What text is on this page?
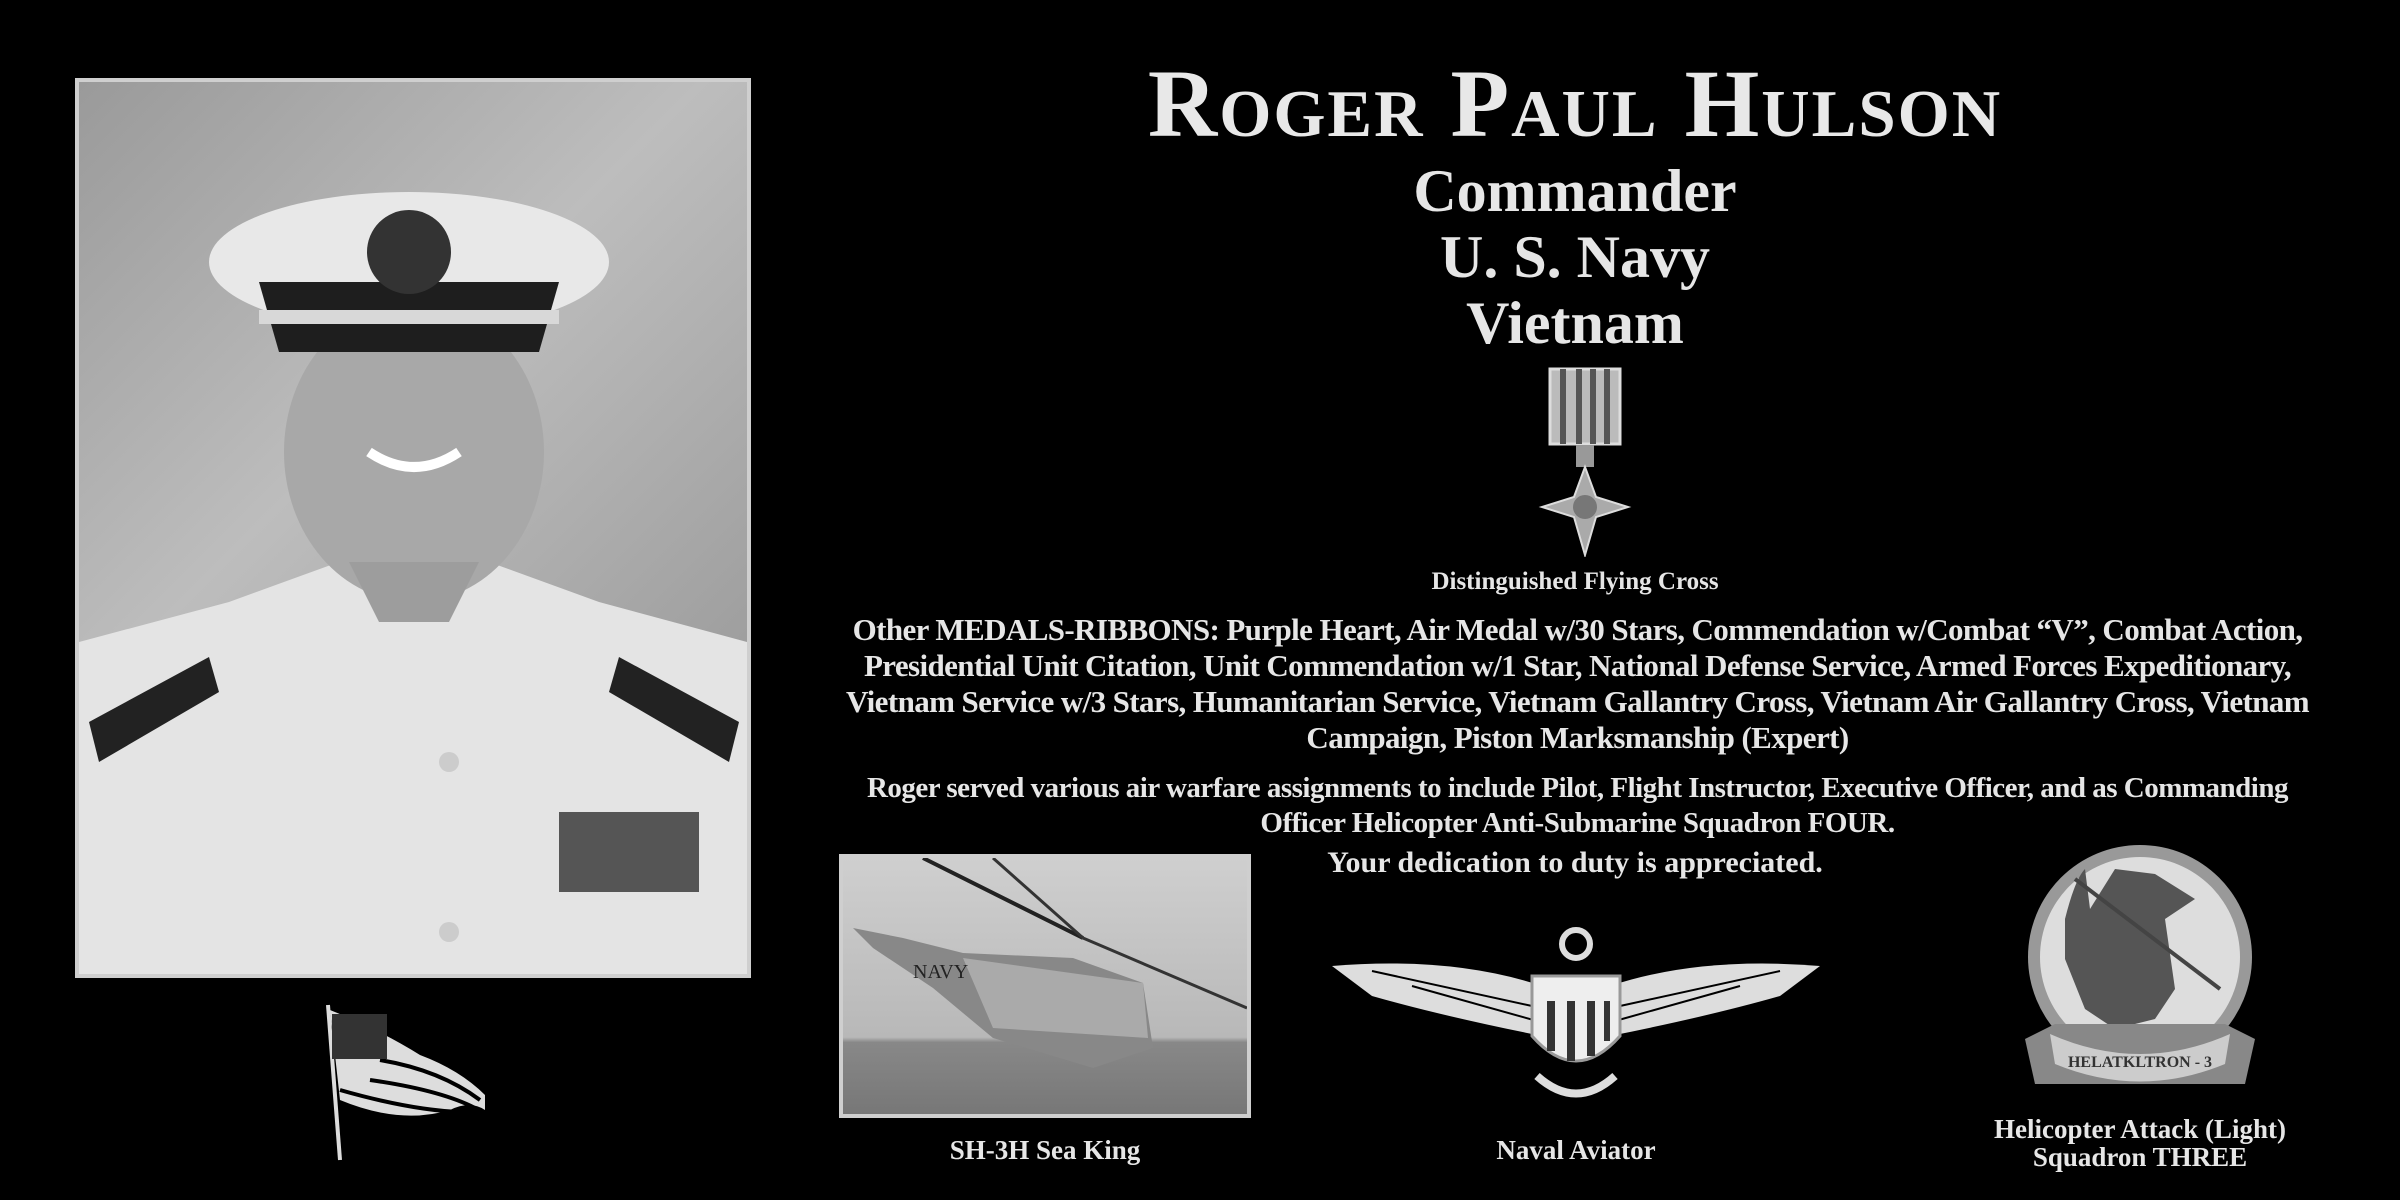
Roger Paul Hulson
Commander
U. S. Navy
Vietnam
Distinguished Flying Cross
Other MEDALS-RIBBONS: Purple Heart, Air Medal w/30 Stars, Commendation w/Combat “V”, Combat Action, Presidential Unit Citation, Unit Commendation w/1 Star, National Defense Service, Armed Forces Expeditionary, Vietnam Service w/3 Stars, Humanitarian Service, Vietnam Gallantry Cross, Vietnam Air Gallantry Cross, Vietnam Campaign, Piston Marksmanship (Expert)
Roger served various air warfare assignments to include Pilot, Flight Instructor, Executive Officer, and as Commanding Officer Helicopter Anti-Submarine Squadron FOUR.
Your dedication to duty is appreciated.
NAVY
SH-3H Sea King	Naval Aviator
HELATKLTRON - 3
Helicopter Attack (Light)
Squadron THREE
